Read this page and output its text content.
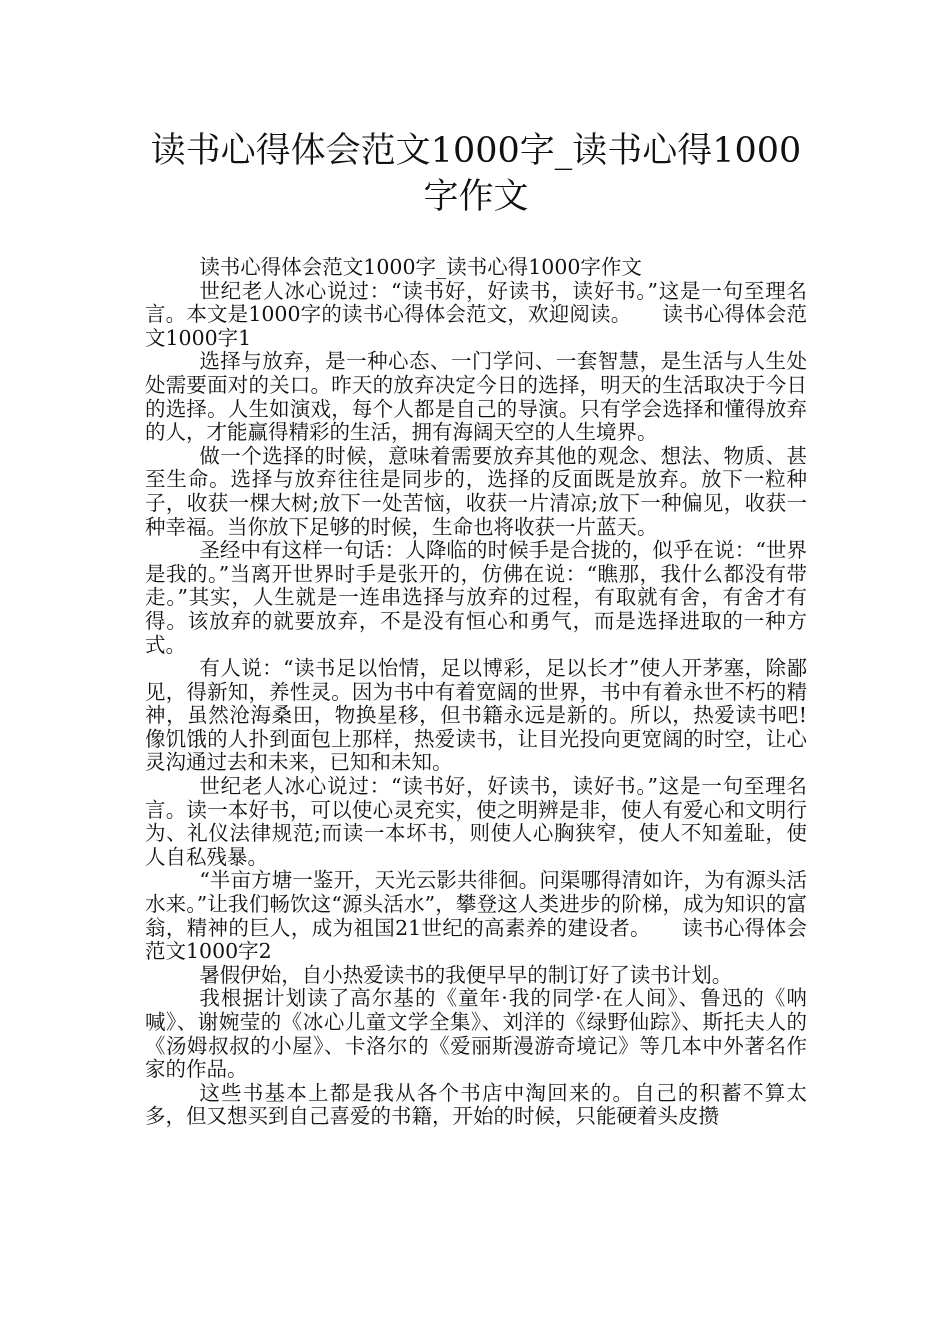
读书心得体会范文1000字_读书心得1000字作文

读书心得体会范文1000字_读书心得1000字作文

世纪老人冰心说过：“读书好，好读书，读好书。”这是一句至理名言。本文是1000字的读书心得体会范文，欢迎阅读。　　读书心得体会范文1000字1

选择与放弃，是一种心态、一门学问、一套智慧，是生活与人生处处需要面对的关口。昨天的放弃决定今日的选择，明天的生活取决于今日的选择。人生如演戏，每个人都是自己的导演。只有学会选择和懂得放弃的人，才能赢得精彩的生活，拥有海阔天空的人生境界。

做一个选择的时候，意味着需要放弃其他的观念、想法、物质、甚至生命。选择与放弃往往是同步的，选择的反面既是放弃。放下一粒种子，收获一棵大树;放下一处苦恼，收获一片清凉;放下一种偏见，收获一种幸福。当你放下足够的时候，生命也将收获一片蓝天。

圣经中有这样一句话：人降临的时候手是合拢的，似乎在说：“世界是我的。”当离开世界时手是张开的，仿佛在说：“瞧那，我什么都没有带走。”其实，人生就是一连串选择与放弃的过程，有取就有舍，有舍才有得。该放弃的就要放弃，不是没有恒心和勇气，而是选择进取的一种方式。

有人说：“读书足以怡情，足以博彩，足以长才”使人开茅塞，除鄙见，得新知，养性灵。因为书中有着宽阔的世界，书中有着永世不朽的精神，虽然沧海桑田，物换星移，但书籍永远是新的。所以，热爱读书吧!像饥饿的人扑到面包上那样，热爱读书，让目光投向更宽阔的时空，让心灵沟通过去和未来，已知和未知。

世纪老人冰心说过：“读书好，好读书，读好书。”这是一句至理名言。读一本好书，可以使心灵充实，使之明辨是非，使人有爱心和文明行为、礼仪法律规范;而读一本坏书，则使人心胸狭窄，使人不知羞耻，使人自私残暴。

“半亩方塘一鉴开，天光云影共徘徊。问渠哪得清如许，为有源头活水来。”让我们畅饮这“源头活水”，攀登这人类进步的阶梯，成为知识的富翁，精神的巨人，成为祖国21世纪的高素养的建设者。　　读书心得体会范文1000字2

暑假伊始，自小热爱读书的我便早早的制订好了读书计划。

我根据计划读了高尔基的《童年·我的同学·在人间》、鲁迅的《呐喊》、谢婉莹的《冰心儿童文学全集》、刘洋的《绿野仙踪》、斯托夫人的《汤姆叔叔的小屋》、卡洛尔的《爱丽斯漫游奇境记》等几本中外著名作家的作品。

这些书基本上都是我从各个书店中淘回来的。自己的积蓄不算太多，但又想买到自己喜爱的书籍，开始的时候，只能硬着头皮攒
